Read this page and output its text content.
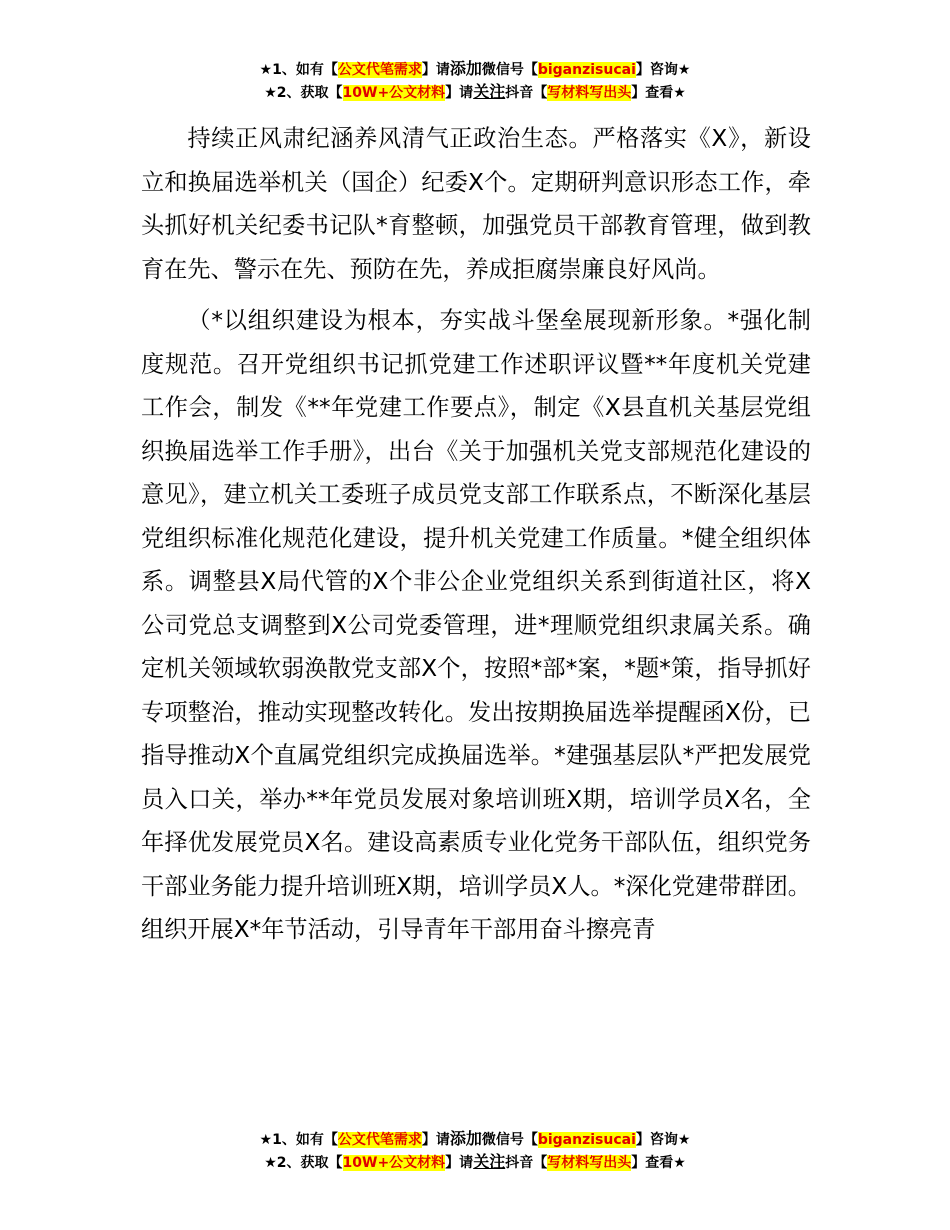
★1、如有【公文代笔需求】请添加微信号【biganzisucai】咨询★
★2、获取【10W+公文材料】请关注抖音【写材料写出头】查看★

持续正风肃纪涵养风清气正政治生态。严格落实《X》，新设立和换届选举机关（国企）纪委X个。定期研判意识形态工作，牵头抓好机关纪委书记队*育整顿，加强党员干部教育管理，做到教育在先、警示在先、预防在先，养成拒腐崇廉良好风尚。

（*以组织建设为根本，夯实战斗堡垒展现新形象。*强化制度规范。召开党组织书记抓党建工作述职评议暨**年度机关党建工作会，制发《**年党建工作要点》，制定《X县直机关基层党组织换届选举工作手册》，出台《关于加强机关党支部规范化建设的意见》，建立机关工委班子成员党支部工作联系点，不断深化基层党组织标准化规范化建设，提升机关党建工作质量。*健全组织体系。调整县X局代管的X个非公企业党组织关系到街道社区，将X公司党总支调整到X公司党委管理，进*理顺党组织隶属关系。确定机关领域软弱涣散党支部X个，按照*部*案，*题*策，指导抓好专项整治，推动实现整改转化。发出按期换届选举提醒函X份，已指导推动X个直属党组织完成换届选举。*建强基层队*严把发展党员入口关，举办**年党员发展对象培训班X期，培训学员X名，全年择优发展党员X名。建设高素质专业化党务干部队伍，组织党务干部业务能力提升培训班X期，培训学员X人。*深化党建带群团。组织开展X*年节活动，引导青年干部用奋斗擦亮青

★1、如有【公文代笔需求】请添加微信号【biganzisucai】咨询★
★2、获取【10W+公文材料】请关注抖音【写材料写出头】查看★
